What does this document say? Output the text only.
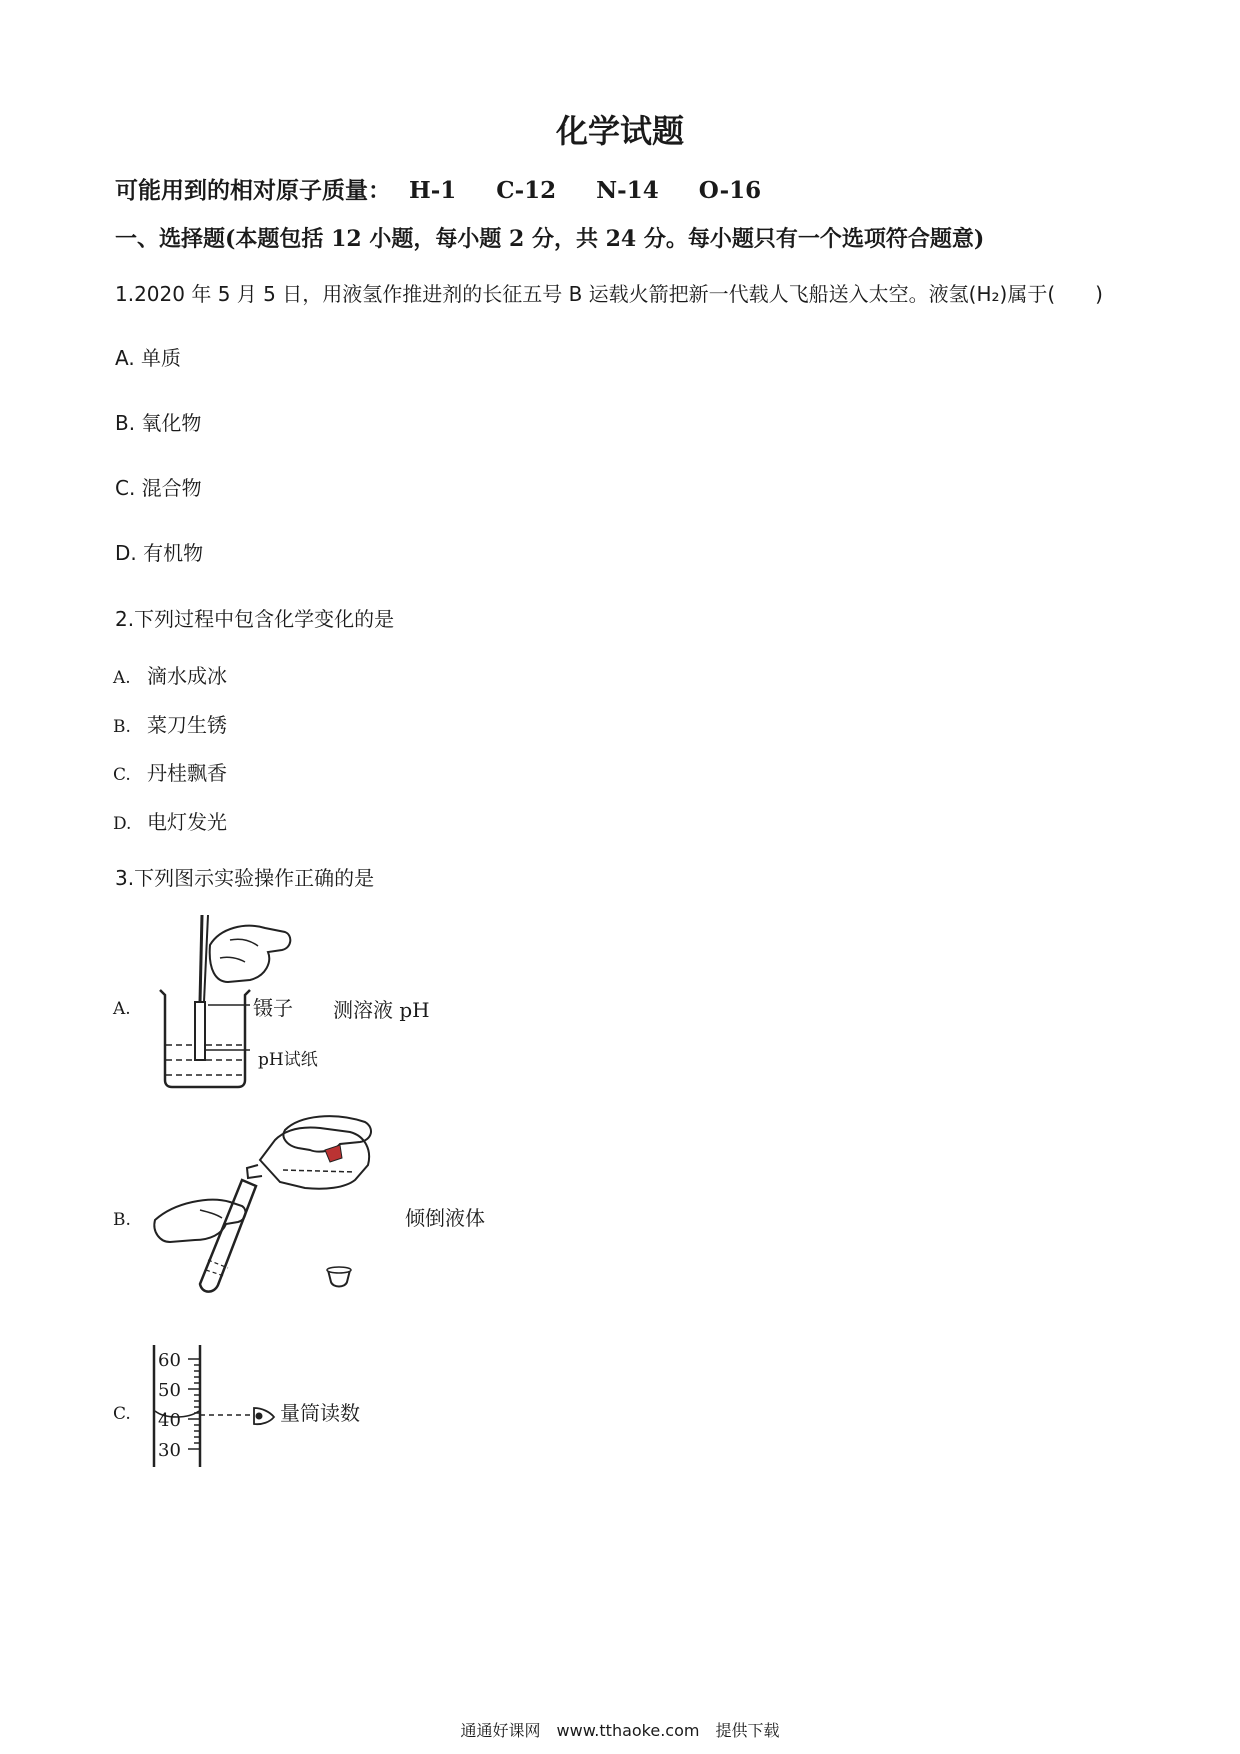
化学试题
可能用到的相对原子质量： H-1 C-12 N-14 O-16
一、选择题(本题包括 12 小题，每小题 2 分，共 24 分。每小题只有一个选项符合题意)
1.2020 年 5 月 5 日，用液氢作推进剂的长征五号 B 运载火箭把新一代载人飞船送入太空。液氢(H₂)属于(　　)
A. 单质
B. 氧化物
C. 混合物
D. 有机物
2.下列过程中包含化学变化的是
A. 滴水成冰
B. 菜刀生锈
C. 丹桂飘香
D. 电灯发光
3.下列图示实验操作正确的是
A.	镊子
pH试纸
测溶液 pH
B.	倾倒液体
C.
60
50
40
30
量筒读数
通通好课网　www.tthaoke.com　提供下载
